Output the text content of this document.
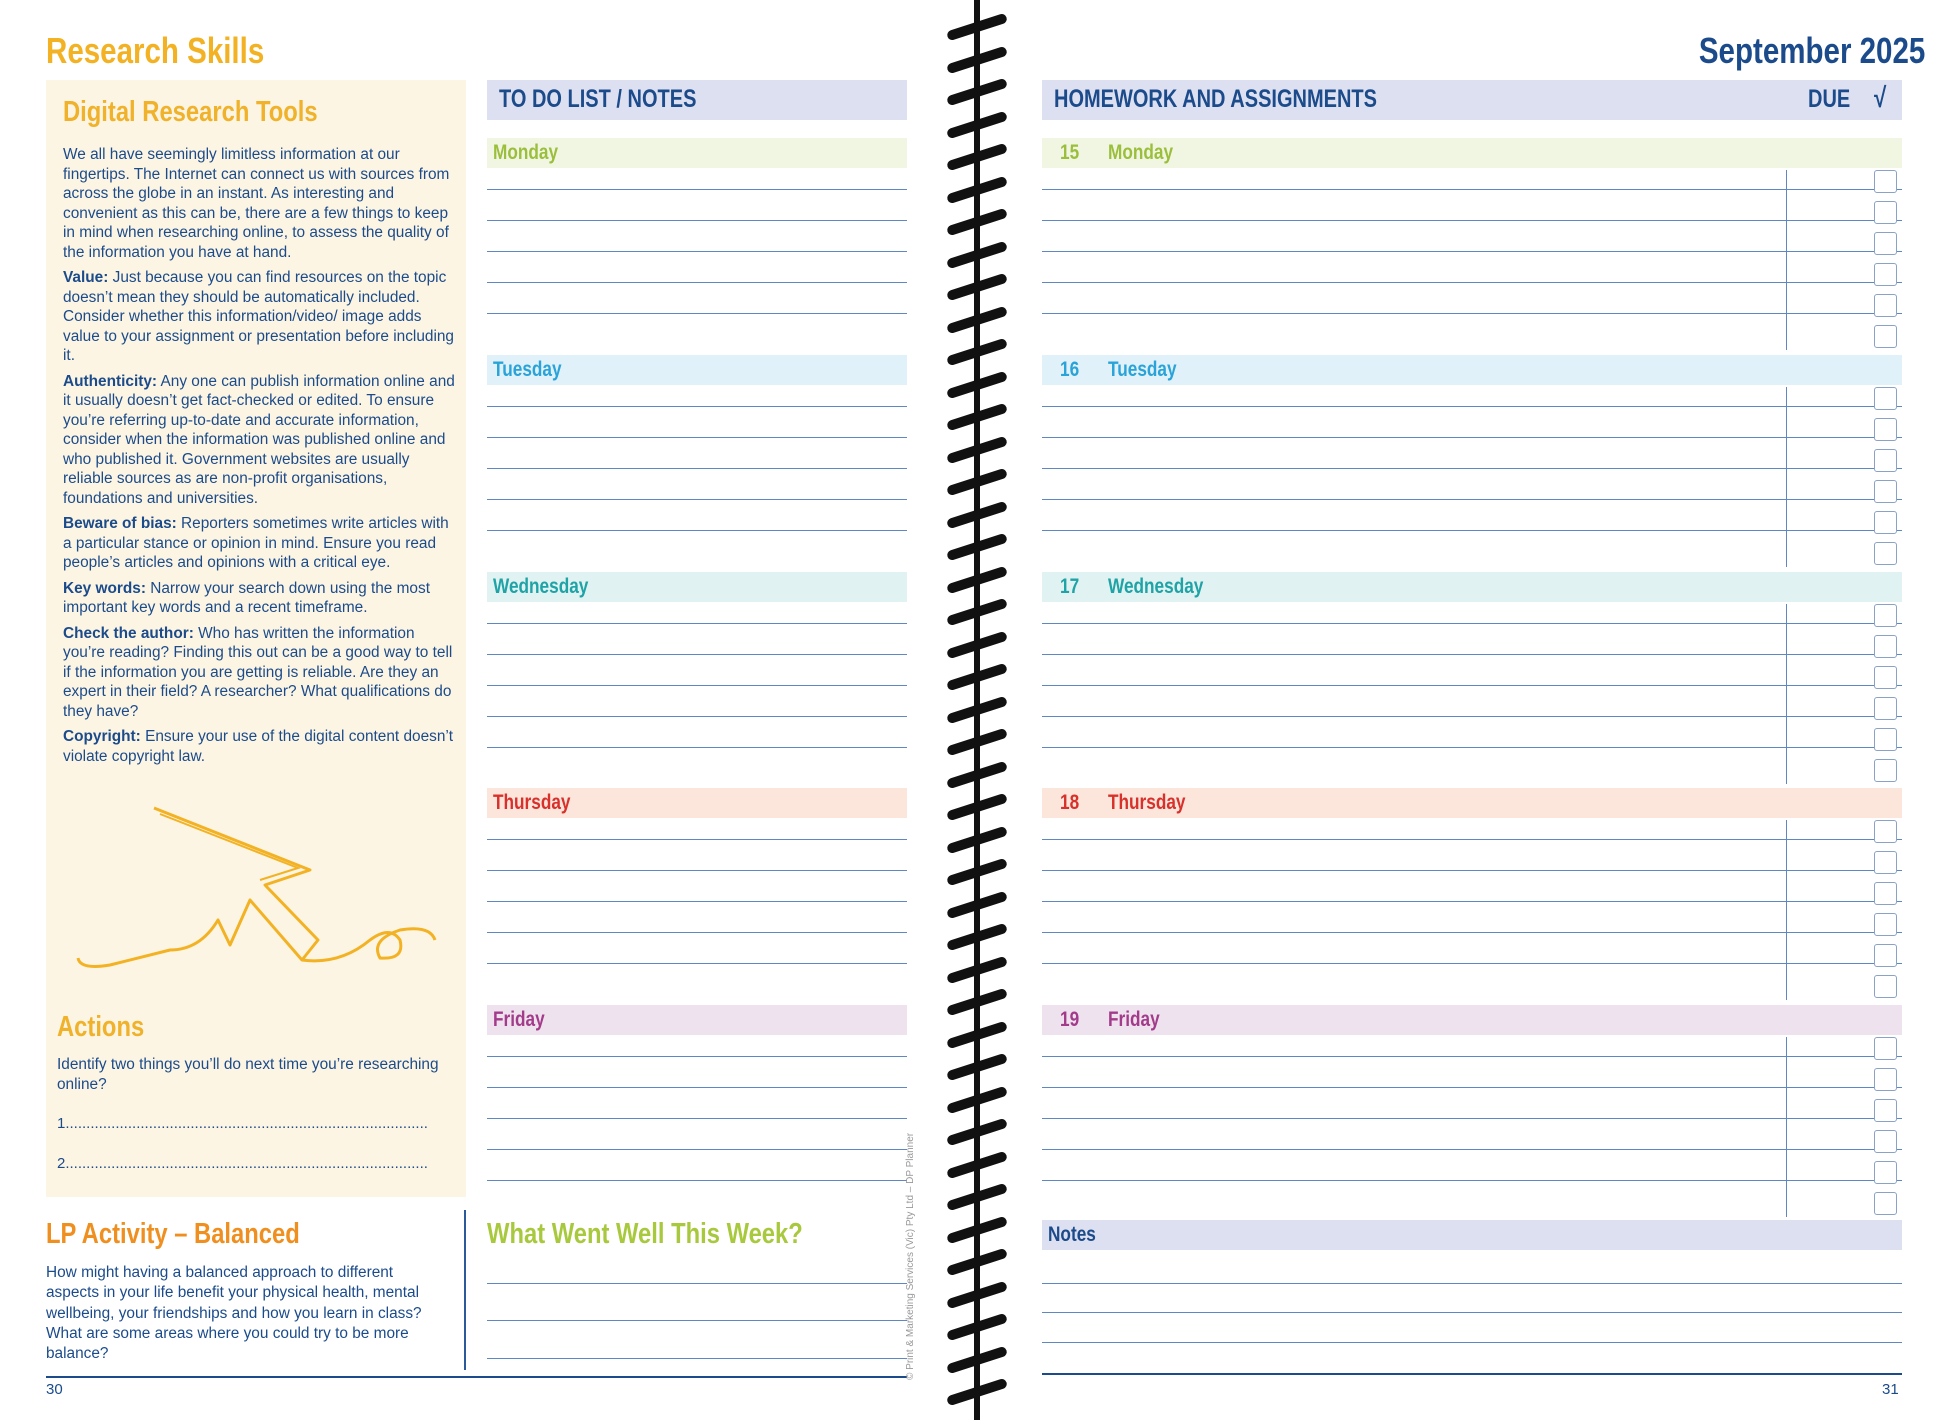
Research Skills
Digital Research Tools

We all have seemingly limitless information at our fingertips. The Internet can connect us with sources from across the globe in an instant. As interesting and convenient as this can be, there are a few things to keep in mind when researching online, to assess the quality of the information you have at hand.

Value: Just because you can find resources on the topic doesn’t mean they should be automatically included. Consider whether this information/video/ image adds value to your assignment or presentation before including it.

Authenticity: Any one can publish information online and it usually doesn’t get fact-checked or edited. To ensure you’re referring up-to-date and accurate information, consider when the information was published online and who published it. Government websites are usually reliable sources as are non-profit organisations, foundations and universities.

Beware of bias: Reporters sometimes write articles with a particular stance or opinion in mind. Ensure you read people’s articles and opinions with a critical eye.

Key words: Narrow your search down using the most important key words and a recent timeframe.

Check the author: Who has written the information you’re reading? Finding this out can be a good way to tell if the information you are getting is reliable. Are they an expert in their field? A researcher? What qualifications do they have?

Copyright: Ensure your use of the digital content doesn’t violate copyright law.

Actions
Identify two things you’ll do next time you’re researching online?
1.......................................................................................
2.......................................................................................
LP Activity – Balanced
How might having a balanced approach to different aspects in your life benefit your physical health, mental wellbeing, your friendships and how you learn in class? What are some areas where you could try to be more balance?
TO DO LIST / NOTES
Monday
Tuesday
Wednesday
Thursday
Friday
What Went Well This Week?
30
© Print & Marketing Services (Vic) Pty Ltd – DP Planner
September 2025
HOMEWORK AND ASSIGNMENTS	DUE √
15 Monday
16 Tuesday
17 Wednesday
18 Thursday
19 Friday
Notes
31
